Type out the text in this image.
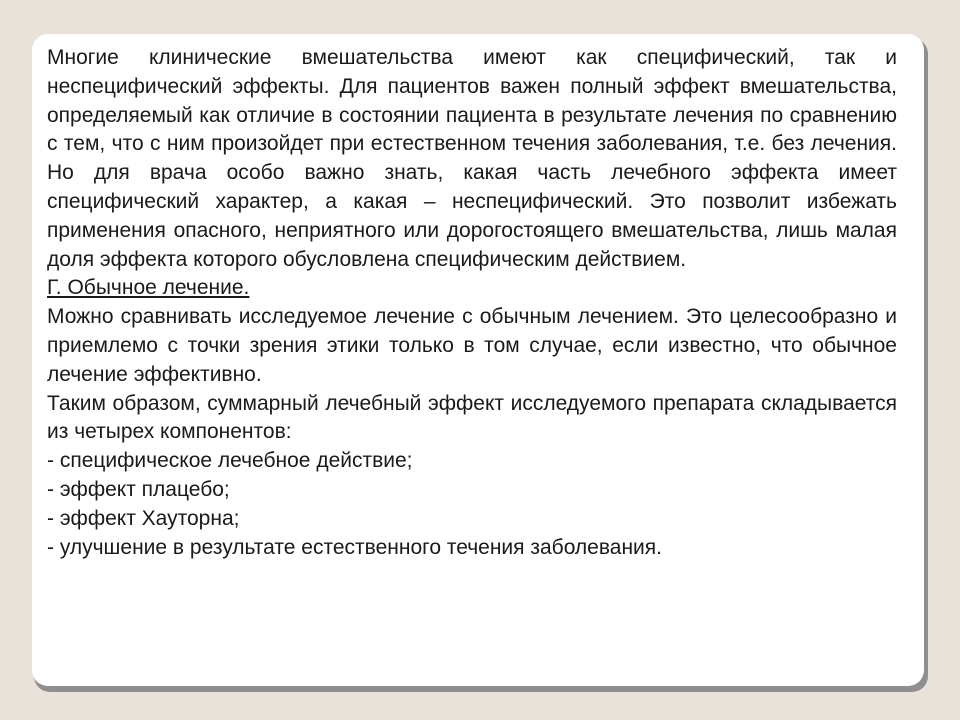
Многие клинические вмешательства имеют как специфический, так и неспецифический эффекты. Для пациентов важен полный эффект вмешательства, определяемый как отличие в состоянии пациента в результате лечения по сравнению с тем, что с ним произойдет при естественном течения заболевания, т.е. без лечения. Но для врача особо важно знать, какая часть лечебного эффекта имеет специфический характер, а какая – неспецифический. Это позволит избежать применения опасного, неприятного или дорогостоящего вмешательства, лишь малая доля эффекта которого обусловлена специфическим действием.

Г. Обычное лечение.

Можно сравнивать исследуемое лечение с обычным лечением. Это целесообразно и приемлемо с точки зрения этики только в том случае, если известно, что обычное лечение эффективно.

Таким образом, суммарный лечебный эффект исследуемого препарата складывается из четырех компонентов:

- специфическое лечебное действие;
- эффект плацебо;
- эффект Хауторна;
- улучшение в результате естественного течения заболевания.
